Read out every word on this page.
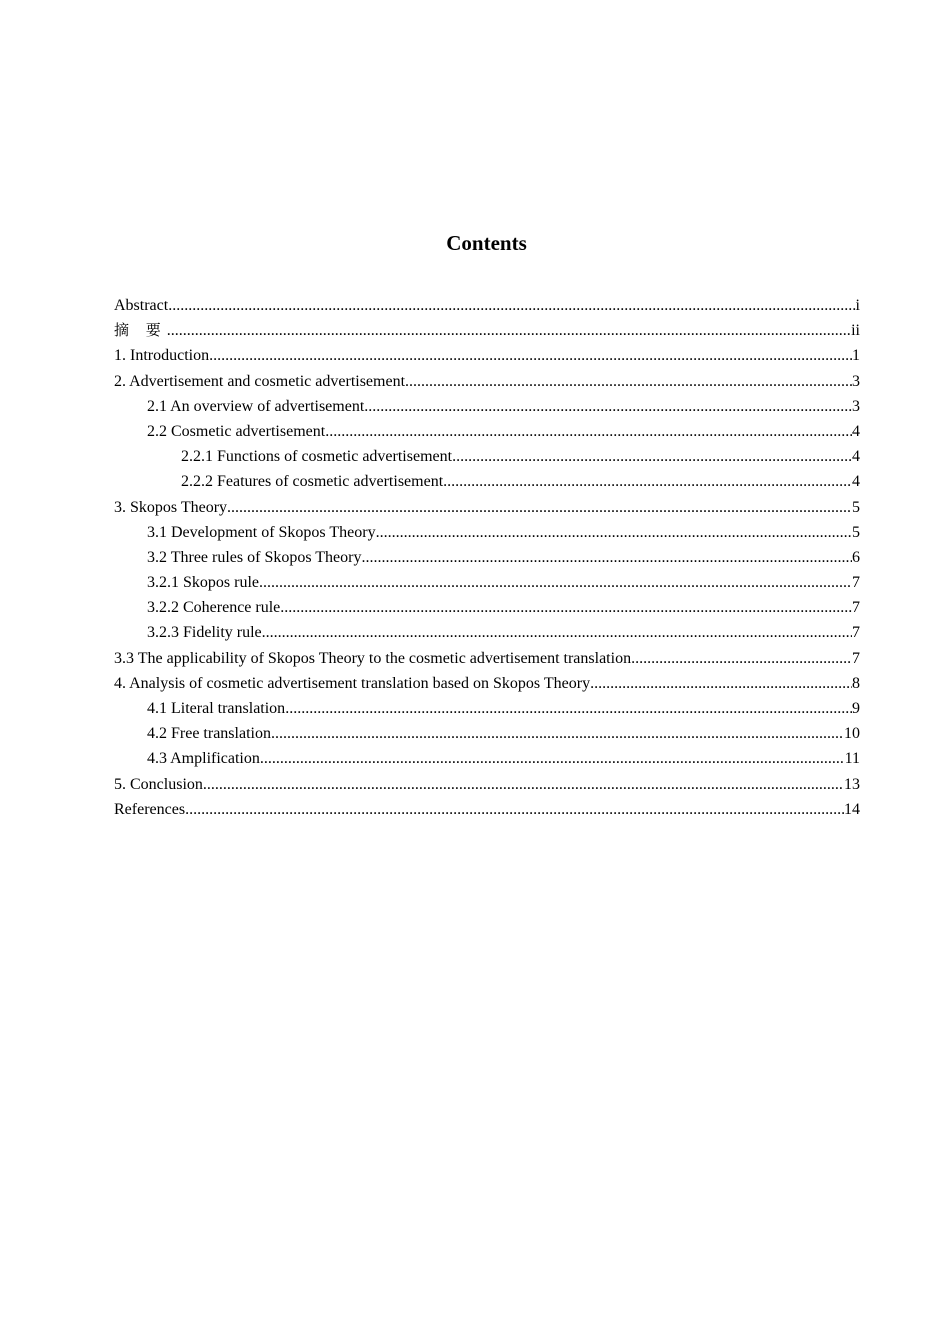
Contents
Abstract .....	i
摘 要 .....	ii
1. Introduction .....	1
2. Advertisement and cosmetic advertisement .....	3
2.1 An overview of advertisement .....	3
2.2 Cosmetic advertisement .....	4
2.2.1 Functions of cosmetic advertisement .....	4
2.2.2 Features of cosmetic advertisement .....	4
3. Skopos Theory .....	5
3.1 Development of Skopos Theory .....	5
3.2 Three rules of Skopos Theory .....	6
3.2.1 Skopos rule .....	7
3.2.2 Coherence rule .....	7
3.2.3 Fidelity rule .....	7
3.3 The applicability of Skopos Theory to the cosmetic advertisement translation .....	7
4. Analysis of cosmetic advertisement translation based on Skopos Theory .....	8
4.1 Literal translation .....	9
4.2 Free translation .....	10
4.3 Amplification .....	11
5. Conclusion .....	13
References .....	14
